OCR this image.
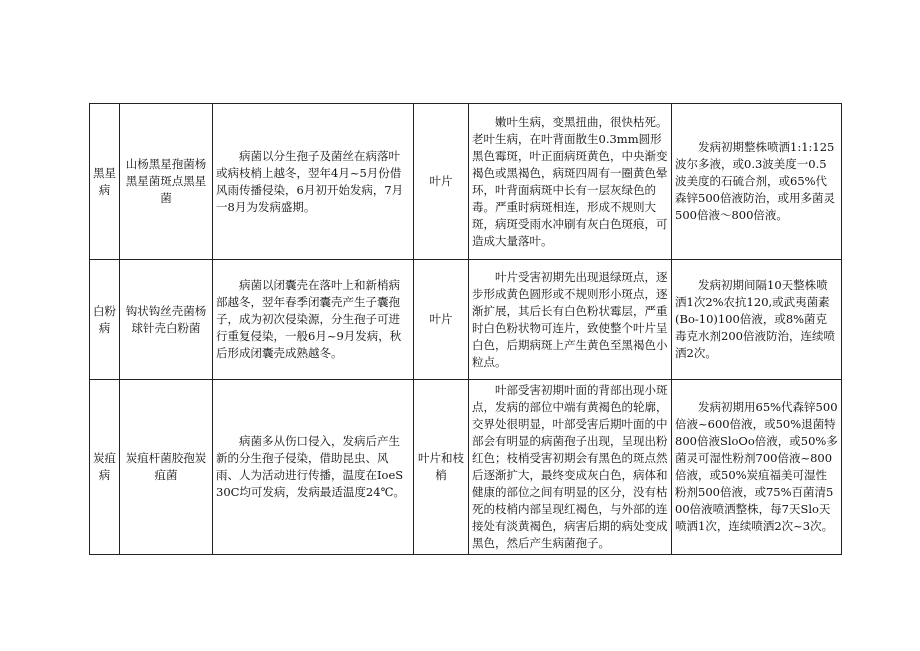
黑星病	山杨黑星孢菌杨黑星菌斑点黑星菌	病菌以分生孢子及菌丝在病落叶或病枝梢上越冬，翌年4月~5月份借风雨传播侵染，6月初开始发病，7月一8月为发病盛期。	叶片	嫩叶生病，变黑扭曲，很快枯死。老叶生病，在叶背面散生0.3mm圆形黑色霉斑，叶正面病斑黄色，中央渐变褐色或黑褐色，病斑四周有一圈黄色晕环，叶背面病斑中长有一层灰绿色的毒。严重时病斑相连，形成不规则大斑，病斑受雨水冲刷有灰白色斑痕，可造成大量落叶。	发病初期整株喷洒1:1:125波尔多液，或0.3波美度一0.5波美度的石硫合剂，或65%代森锌500倍液防治，或用多菌灵500倍液～800倍液。

白粉病	钩状钩丝壳菌杨球针壳白粉菌	病菌以闭囊壳在落叶上和新梢病部越冬，翌年春季闭囊壳产生子囊孢子，成为初次侵染源，分生孢子可进行重复侵染，一般6月~9月发病，秋后形成闭囊壳成熟越冬。	叶片	叶片受害初期先出现退绿斑点，逐步形成黄色圆形或不规则形小斑点，逐渐扩展，其后长有白色粉状霉层，严重时白色粉状物可连片，致使整个叶片呈白色，后期病斑上产生黄色至黑褐色小粒点。	发病初期间隔10天整株喷洒1次2%农抗120,或武夷菌素(Bo-10)100倍液，或8%菌克毒克水剂200倍液防治，连续喷洒2次。

炭疽病	炭疽杆菌胶孢炭疽菌	病菌多从伤口侵入，发病后产生新的分生孢子侵染，借助昆虫、风雨、人为活动进行传播，温度在IoeS30C均可发病，发病最适温度24℃。	叶片和枝梢	叶部受害初期叶面的背部出现小斑点，发病的部位中端有黄褐色的轮廓，交界处很明显，叶部受害后期叶面的中部会有明显的病菌孢子出现，呈现出粉红色；枝梢受害初期会有黑色的斑点然后逐渐扩大，最终变成灰白色，病体和健康的部位之间有明显的区分，没有枯死的枝梢内部呈现红褐色，与外部的连接处有淡黄褐色，病害后期的病处变成黑色，然后产生病菌孢子。	发病初期用65%代森锌500倍液~600倍液，或50%退菌特800倍液SloOo倍液，或50%多菌灵可湿性粉剂700倍液~800倍液，或50%炭疽福美可湿性粉剂500倍液，或75%百菌清500倍液喷洒整株，每7天Slo天喷洒1次，连续喷洒2次~3次。
